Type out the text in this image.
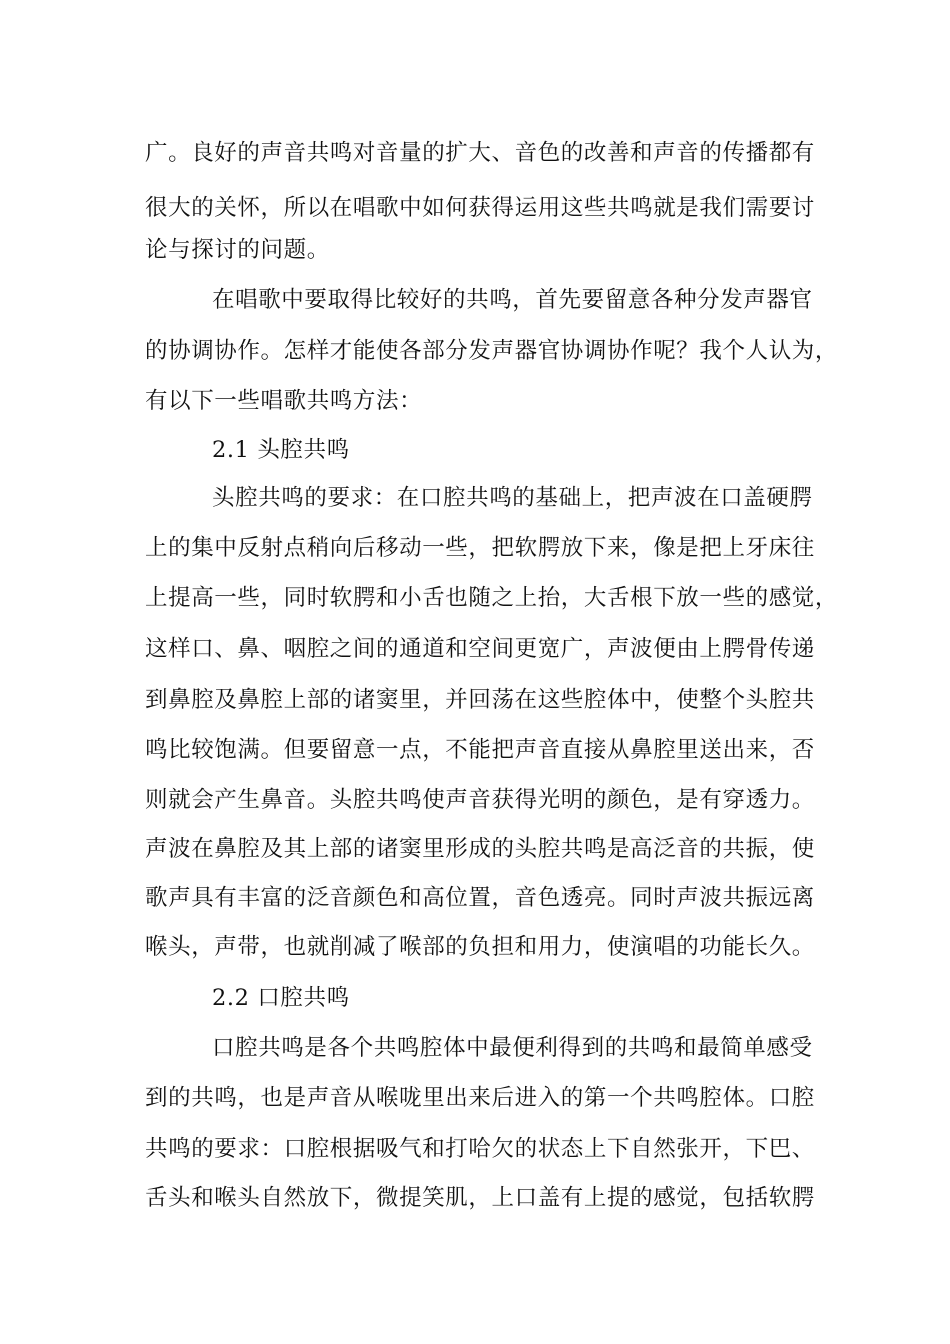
广。良好的声音共鸣对音量的扩大、音色的改善和声音的传播都有
很大的关怀，所以在唱歌中如何获得运用这些共鸣就是我们需要讨
论与探讨的问题。
在唱歌中要取得比较好的共鸣，首先要留意各种分发声器官
的协调协作。怎样才能使各部分发声器官协调协作呢？我个人认为，
有以下一些唱歌共鸣方法：
2.1 头腔共鸣
头腔共鸣的要求：在口腔共鸣的基础上，把声波在口盖硬腭
上的集中反射点稍向后移动一些，把软腭放下来，像是把上牙床往
上提高一些，同时软腭和小舌也随之上抬，大舌根下放一些的感觉，
这样口、鼻、咽腔之间的通道和空间更宽广，声波便由上腭骨传递
到鼻腔及鼻腔上部的诸窦里，并回荡在这些腔体中，使整个头腔共
鸣比较饱满。但要留意一点，不能把声音直接从鼻腔里送出来，否
则就会产生鼻音。头腔共鸣使声音获得光明的颜色，是有穿透力。
声波在鼻腔及其上部的诸窦里形成的头腔共鸣是高泛音的共振，使
歌声具有丰富的泛音颜色和高位置，音色透亮。同时声波共振远离
喉头，声带，也就削减了喉部的负担和用力，使演唱的功能长久。
2.2 口腔共鸣
口腔共鸣是各个共鸣腔体中最便利得到的共鸣和最简单感受
到的共鸣，也是声音从喉咙里出来后进入的第一个共鸣腔体。口腔
共鸣的要求：口腔根据吸气和打哈欠的状态上下自然张开，下巴、
舌头和喉头自然放下，微提笑肌，上口盖有上提的感觉，包括软腭
